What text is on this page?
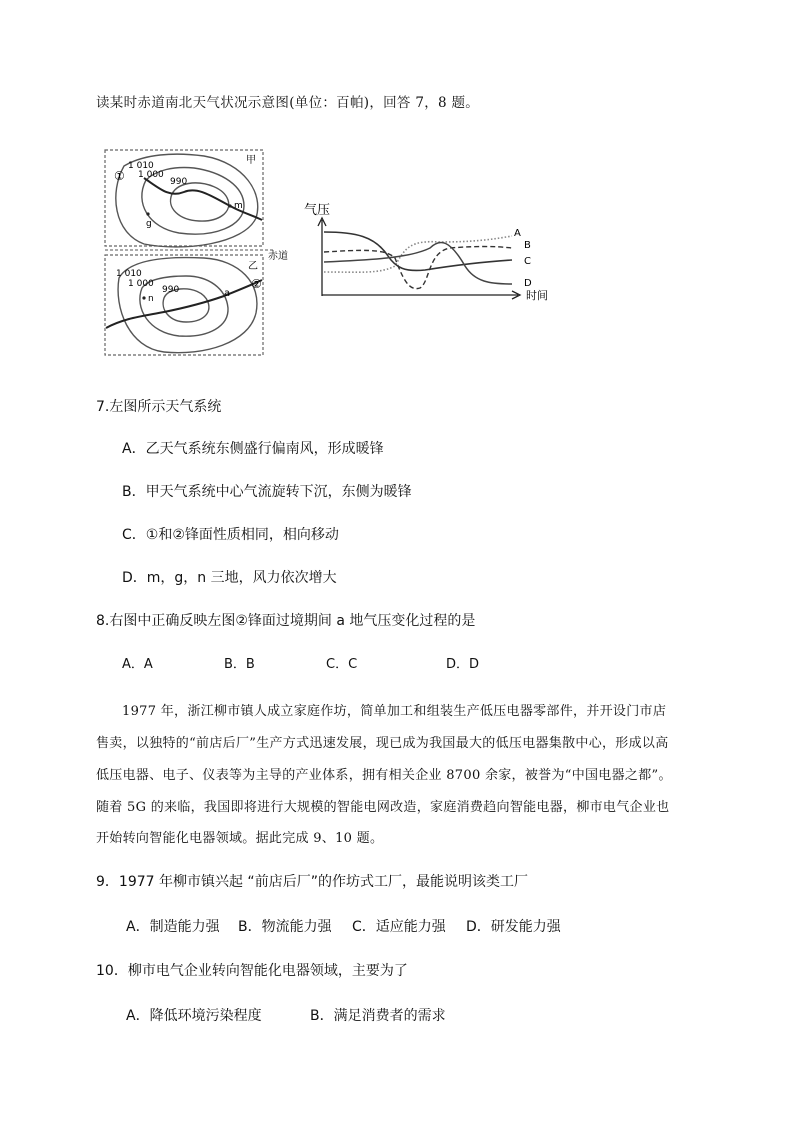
读某时赤道南北天气状况示意图(单位：百帕)，回答 7，8 题。
赤道
1 010
1 000
990
甲
①
g
m
1 010
1 000
990
乙
②
n	a
气压
时间
A
B
C
D
7.左图所示天气系统
A．乙天气系统东侧盛行偏南风，形成暖锋
B．甲天气系统中心气流旋转下沉，东侧为暖锋
C．①和②锋面性质相同，相向移动
D．m，g，n 三地，风力依次增大
8.右图中正确反映左图②锋面过境期间 a 地气压变化过程的是
A．A	B．B	C．C	D．D
1977 年，浙江柳市镇人成立家庭作坊，简单加工和组装生产低压电器零部件，并开设门市店
售卖，以独特的“前店后厂”生产方式迅速发展，现已成为我国最大的低压电器集散中心，形成以高
低压电器、电子、仪表等为主导的产业体系，拥有相关企业 8700 余家，被誉为“中国电器之都”。
随着 5G 的来临，我国即将进行大规模的智能电网改造，家庭消费趋向智能电器，柳市电气企业也
开始转向智能化电器领域。据此完成 9、10 题。
9．1977 年柳市镇兴起 “前店后厂”的作坊式工厂，最能说明该类工厂
A．制造能力强 B．物流能力强 C．适应能力强 D．研发能力强
10．柳市电气企业转向智能化电器领域，主要为了
A．降低环境污染程度	B．满足消费者的需求
